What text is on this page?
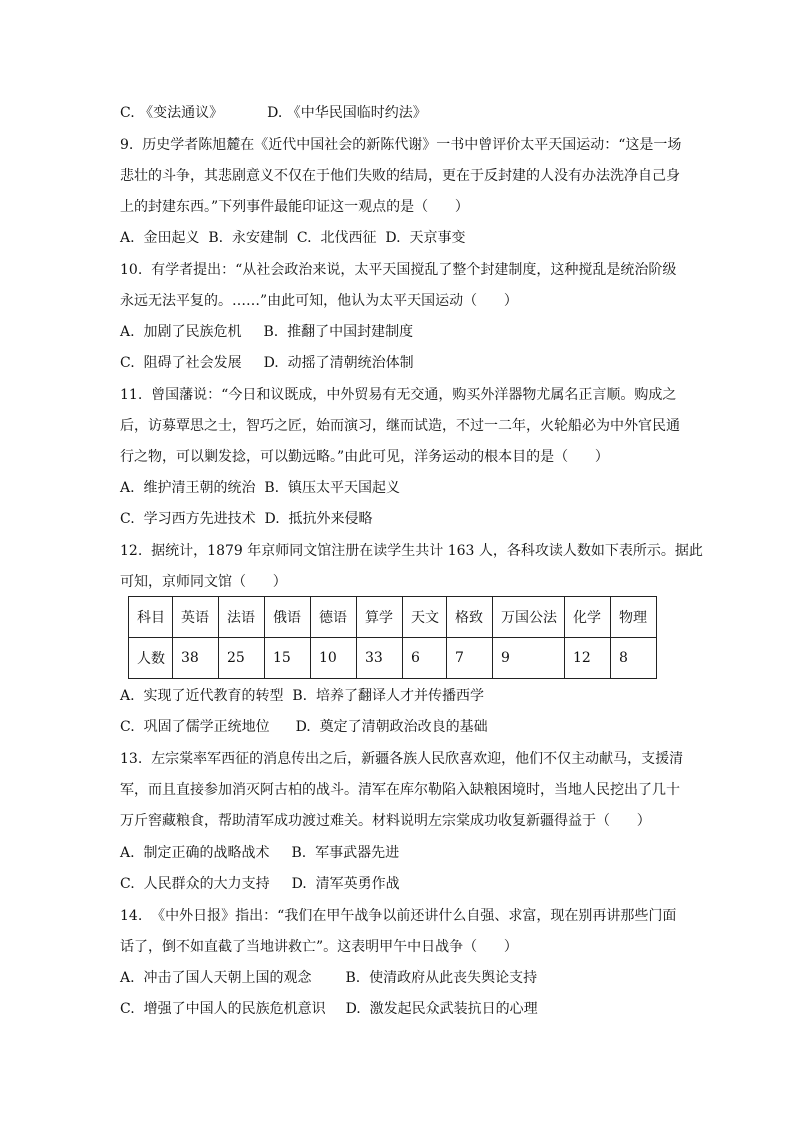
C. 《变法通议》	D. 《中华民国临时约法》
9.  历史学者陈旭麓在《近代中国社会的新陈代谢》一书中曾评价太平天国运动：“这是一场
悲壮的斗争，其悲剧意义不仅在于他们失败的结局，更在于反封建的人没有办法洗净自己身
上的封建东西。”下列事件最能印证这一观点的是（      ）
A.  金田起义  B.  永安建制  C.  北伐西征  D.  天京事变
10.  有学者提出：“从社会政治来说，太平天国搅乱了整个封建制度，这种搅乱是统治阶级
永远无法平复的。……”由此可知，他认为太平天国运动（      ）
A.  加剧了民族危机 B.  推翻了中国封建制度
C.  阻碍了社会发展 D.  动摇了清朝统治体制
11.  曾国藩说：“今日和议既成，中外贸易有无交通，购买外洋器物尤属名正言顺。购成之
后，访募覃思之士，智巧之匠，始而演习，继而试造，不过一二年，火轮船必为中外官民通
行之物，可以剿发捻，可以勤远略。”由此可见，洋务运动的根本目的是（      ）
A.  维护清王朝的统治  B.  镇压太平天国起义
C.  学习西方先进技术  D.  抵抗外来侵略
12.  据统计，1879 年京师同文馆注册在读学生共计 163 人，各科攻读人数如下表所示。据此
可知，京师同文馆（      ）
科目	英语	法语	俄语	德语	算学	天文	格致	万国公法	化学	物理
人数	38	25	15	10	33	6	7	9	12	8
A.  实现了近代教育的转型  B.  培养了翻译人才并传播西学
C.  巩固了儒学正统地位 D.  奠定了清朝政治改良的基础
13.  左宗棠率军西征的消息传出之后，新疆各族人民欣喜欢迎，他们不仅主动献马，支援清
军，而且直接参加消灭阿古柏的战斗。清军在库尔勒陷入缺粮困境时，当地人民挖出了几十
万斤窖藏粮食，帮助清军成功渡过难关。材料说明左宗棠成功收复新疆得益于（      ）
A.  制定正确的战略战术 B.  军事武器先进
C.  人民群众的大力支持 D.  清军英勇作战
14.  《中外日报》指出：“我们在甲午战争以前还讲什么自强、求富，现在别再讲那些门面
话了，倒不如直截了当地讲救亡”。这表明甲午中日战争（      ）
A.  冲击了国人天朝上国的观念 B.  使清政府从此丧失舆论支持
C.  增强了中国人的民族危机意识 D.  激发起民众武装抗日的心理
